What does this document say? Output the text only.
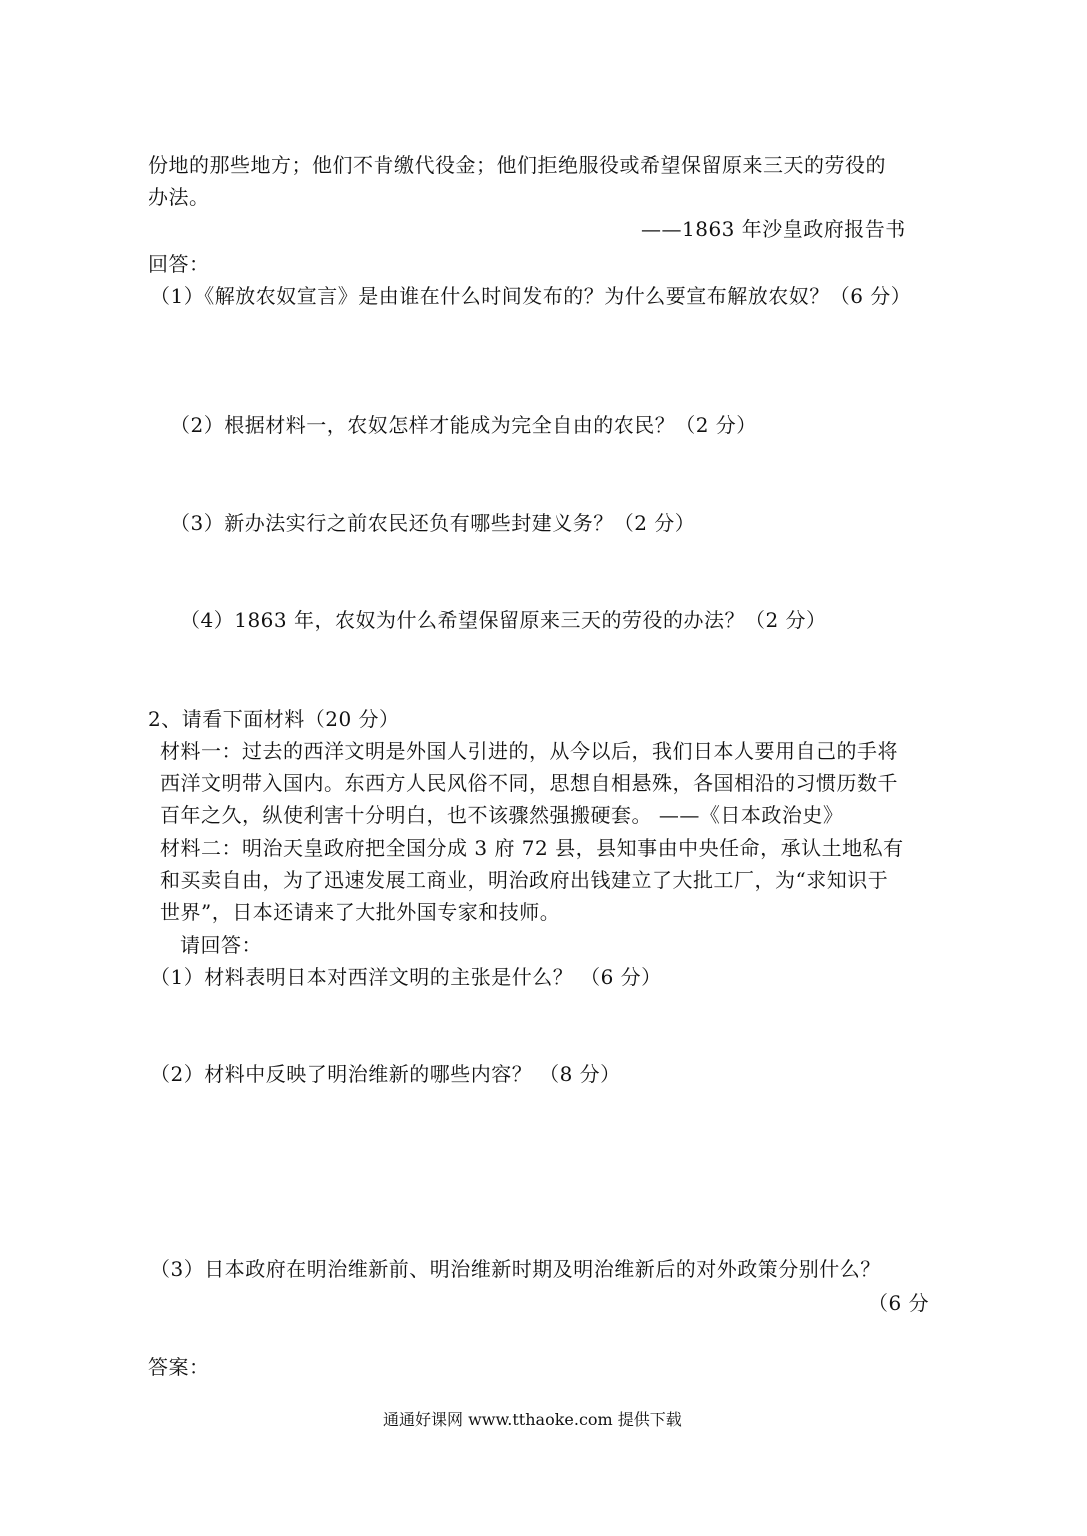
份地的那些地方；他们不肯缴代役金；他们拒绝服役或希望保留原来三天的劳役的
办法。
——1863 年沙皇政府报告书
回答：
（1）《解放农奴宣言》是由谁在什么时间发布的？为什么要宣布解放农奴？（6 分）
（2）根据材料一，农奴怎样才能成为完全自由的农民？（2 分）
（3）新办法实行之前农民还负有哪些封建义务？（2 分）
（4）1863 年，农奴为什么希望保留原来三天的劳役的办法？（2 分）
2、请看下面材料（20 分）
材料一：过去的西洋文明是外国人引进的，从今以后，我们日本人要用自己的手将
西洋文明带入国内。东西方人民风俗不同，思想自相悬殊，各国相沿的习惯历数千
百年之久，纵使利害十分明白，也不该骤然强搬硬套。 ——《日本政治史》
材料二：明治天皇政府把全国分成 3 府 72 县，县知事由中央任命，承认土地私有
和买卖自由，为了迅速发展工商业，明治政府出钱建立了大批工厂，为“求知识于
世界”，日本还请来了大批外国专家和技师。
请回答：
（1）材料表明日本对西洋文明的主张是什么？ （6 分）
（2）材料中反映了明治维新的哪些内容？ （8 分）
（3）日本政府在明治维新前、明治维新时期及明治维新后的对外政策分别什么？
（6 分
答案：
通通好课网 www.tthaoke.com 提供下载
